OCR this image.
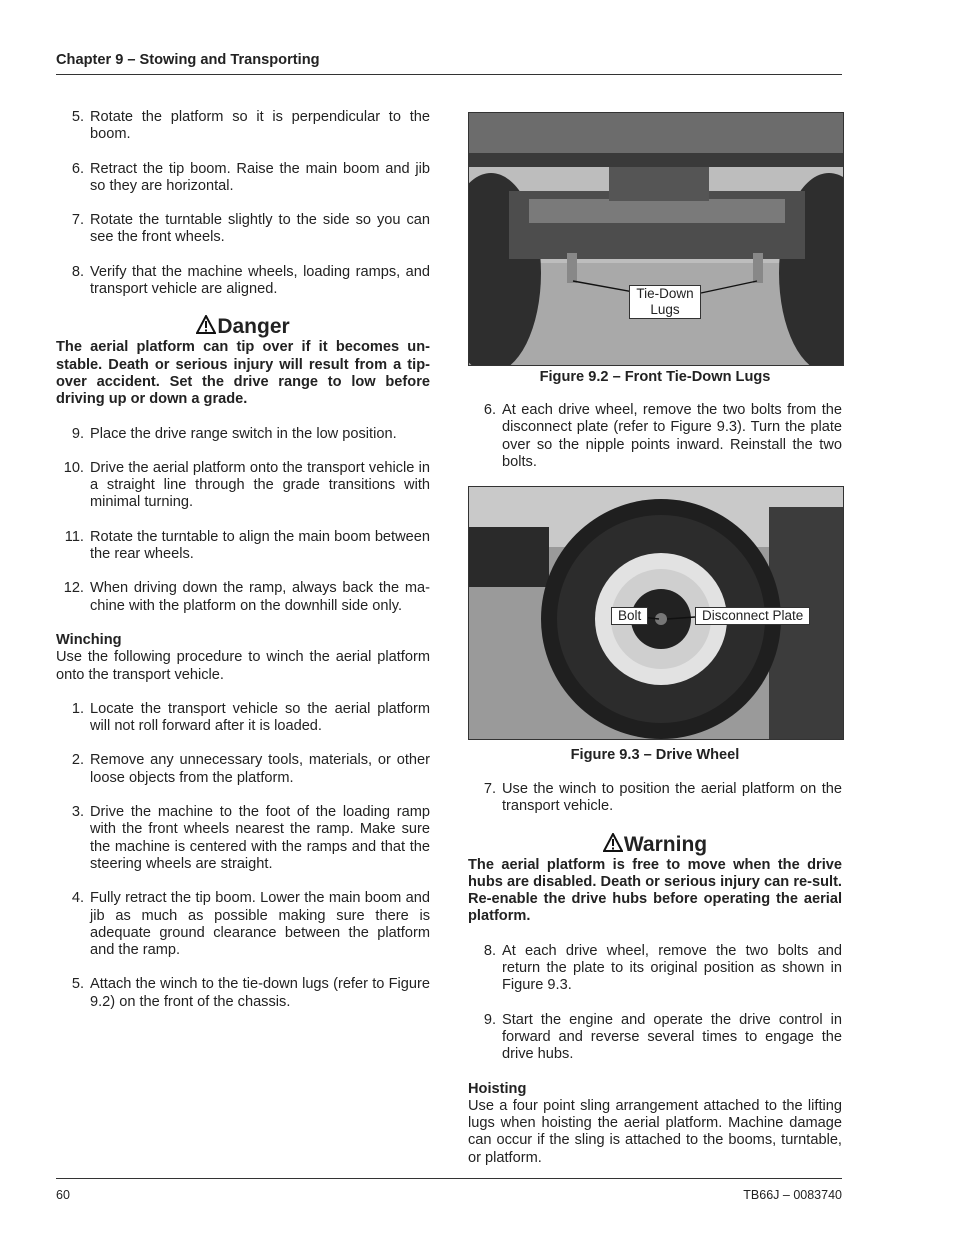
Chapter 9 – Stowing and Transporting
5. Rotate the platform so it is perpendicular to the boom.
6. Retract the tip boom. Raise the main boom and jib so they are horizontal.
7. Rotate the turntable slightly to the side so you can see the front wheels.
8. Verify that the machine wheels, loading ramps, and transport vehicle are aligned.
Danger
The aerial platform can tip over if it becomes un-stable. Death or serious injury will result from a tip-over accident. Set the drive range to low before driving up or down a grade.
9. Place the drive range switch in the low position.
10. Drive the aerial platform onto the transport vehicle in a straight line through the grade transitions with minimal turning.
11. Rotate the turntable to align the main boom between the rear wheels.
12. When driving down the ramp, always back the ma-chine with the platform on the downhill side only.
Winching
Use the following procedure to winch the aerial platform onto the transport vehicle.
1. Locate the transport vehicle so the aerial platform will not roll forward after it is loaded.
2. Remove any unnecessary tools, materials, or other loose objects from the platform.
3. Drive the machine to the foot of the loading ramp with the front wheels nearest the ramp. Make sure the machine is centered with the ramps and that the steering wheels are straight.
4. Fully retract the tip boom. Lower the main boom and jib as much as possible making sure there is adequate ground clearance between the platform and the ramp.
5. Attach the winch to the tie-down lugs (refer to Figure 9.2) on the front of the chassis.
Tie-Down
Lugs
Figure 9.2 – Front Tie-Down Lugs
6. At each drive wheel, remove the two bolts from the disconnect plate (refer to Figure 9.3). Turn the plate over so the nipple points inward. Reinstall the two bolts.
Bolt	Disconnect Plate
Figure 9.3 – Drive Wheel
7. Use the winch to position the aerial platform on the transport vehicle.
Warning
The aerial platform is free to move when the drive hubs are disabled. Death or serious injury can re-sult. Re-enable the drive hubs before operating the aerial platform.
8. At each drive wheel, remove the two bolts and return the plate to its original position as shown in Figure 9.3.
9. Start the engine and operate the drive control in forward and reverse several times to engage the drive hubs.
Hoisting
Use a four point sling arrangement attached to the lifting lugs when hoisting the aerial platform. Machine damage can occur if the sling is attached to the booms, turntable, or platform.
60	TB66J – 0083740
